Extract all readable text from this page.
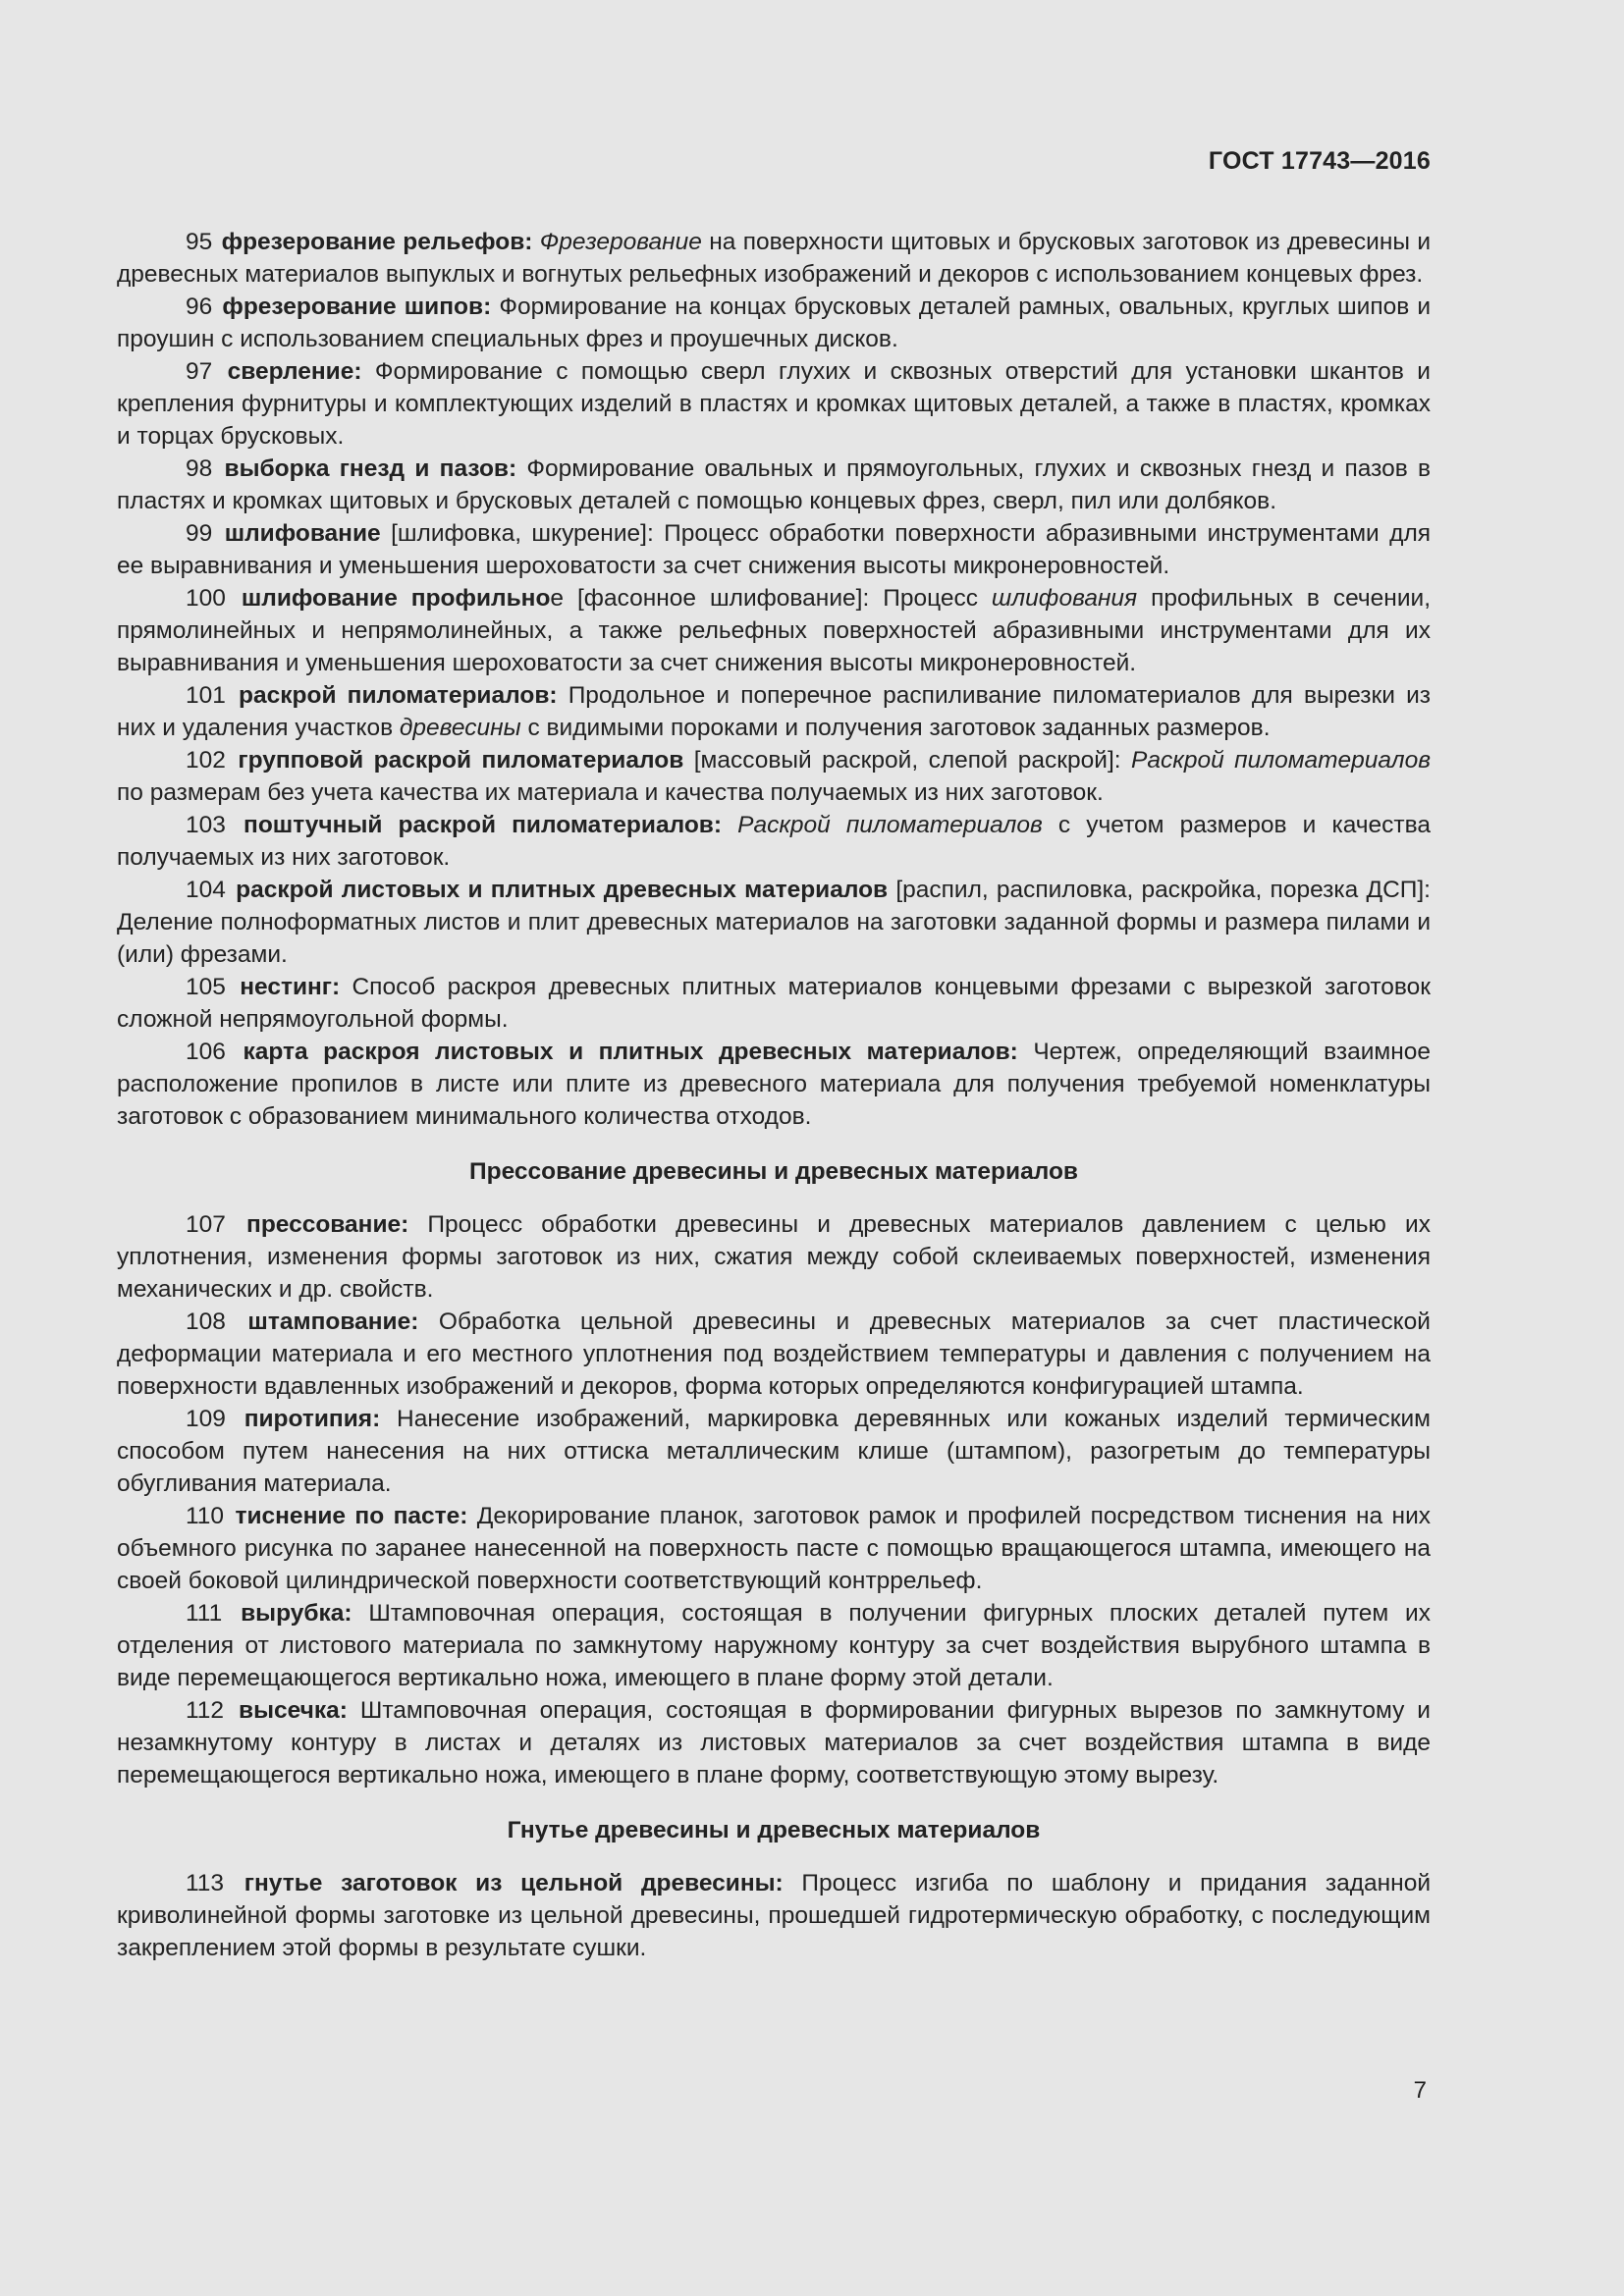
ГОСТ 17743—2016

95 фрезерование рельефов: Фрезерование на поверхности щитовых и брусковых заготовок из древесины и древесных материалов выпуклых и вогнутых рельефных изображений и декоров с использованием концевых фрез.

96 фрезерование шипов: Формирование на концах брусковых деталей рамных, овальных, круглых шипов и проушин с использованием специальных фрез и проушечных дисков.

97 сверление: Формирование с помощью сверл глухих и сквозных отверстий для установки шкантов и крепления фурнитуры и комплектующих изделий в пластях и кромках щитовых деталей, а также в пластях, кромках и торцах брусковых.

98 выборка гнезд и пазов: Формирование овальных и прямоугольных, глухих и сквозных гнезд и пазов в пластях и кромках щитовых и брусковых деталей с помощью концевых фрез, сверл, пил или долбяков.

99 шлифование [шлифовка, шкурение]: Процесс обработки поверхности абразивными инструментами для ее выравнивания и уменьшения шероховатости за счет снижения высоты микронеровностей.

100 шлифование профильное [фасонное шлифование]: Процесс шлифования профильных в сечении, прямолинейных и непрямолинейных, а также рельефных поверхностей абразивными инструментами для их выравнивания и уменьшения шероховатости за счет снижения высоты микронеровностей.

101 раскрой пиломатериалов: Продольное и поперечное распиливание пиломатериалов для вырезки из них и удаления участков древесины с видимыми пороками и получения заготовок заданных размеров.

102 групповой раскрой пиломатериалов [массовый раскрой, слепой раскрой]: Раскрой пиломатериалов по размерам без учета качества их материала и качества получаемых из них заготовок.

103 поштучный раскрой пиломатериалов: Раскрой пиломатериалов с учетом размеров и качества получаемых из них заготовок.

104 раскрой листовых и плитных древесных материалов [распил, распиловка, раскройка, порезка ДСП]: Деление полноформатных листов и плит древесных материалов на заготовки заданной формы и размера пилами и (или) фрезами.

105 нестинг: Способ раскроя древесных плитных материалов концевыми фрезами с вырезкой заготовок сложной непрямоугольной формы.

106 карта раскроя листовых и плитных древесных материалов: Чертеж, определяющий взаимное расположение пропилов в листе или плите из древесного материала для получения требуемой номенклатуры заготовок с образованием минимального количества отходов.

Прессование древесины и древесных материалов

107 прессование: Процесс обработки древесины и древесных материалов давлением с целью их уплотнения, изменения формы заготовок из них, сжатия между собой склеиваемых поверхностей, изменения механических и др. свойств.

108 штампование: Обработка цельной древесины и древесных материалов за счет пластической деформации материала и его местного уплотнения под воздействием температуры и давления с получением на поверхности вдавленных изображений и декоров, форма которых определяются конфигурацией штампа.

109 пиротипия: Нанесение изображений, маркировка деревянных или кожаных изделий термическим способом путем нанесения на них оттиска металлическим клише (штампом), разогретым до температуры обугливания материала.

110 тиснение по пасте: Декорирование планок, заготовок рамок и профилей посредством тиснения на них объемного рисунка по заранее нанесенной на поверхность пасте с помощью вращающегося штампа, имеющего на своей боковой цилиндрической поверхности соответствующий контррельеф.

111 вырубка: Штамповочная операция, состоящая в получении фигурных плоских деталей путем их отделения от листового материала по замкнутому наружному контуру за счет воздействия вырубного штампа в виде перемещающегося вертикально ножа, имеющего в плане форму этой детали.

112 высечка: Штамповочная операция, состоящая в формировании фигурных вырезов по замкнутому и незамкнутому контуру в листах и деталях из листовых материалов за счет воздействия штампа в виде перемещающегося вертикально ножа, имеющего в плане форму, соответствующую этому вырезу.

Гнутье древесины и древесных материалов

113 гнутье заготовок из цельной древесины: Процесс изгиба по шаблону и придания заданной криволинейной формы заготовке из цельной древесины, прошедшей гидротермическую обработку, с последующим закреплением этой формы в результате сушки.

7
